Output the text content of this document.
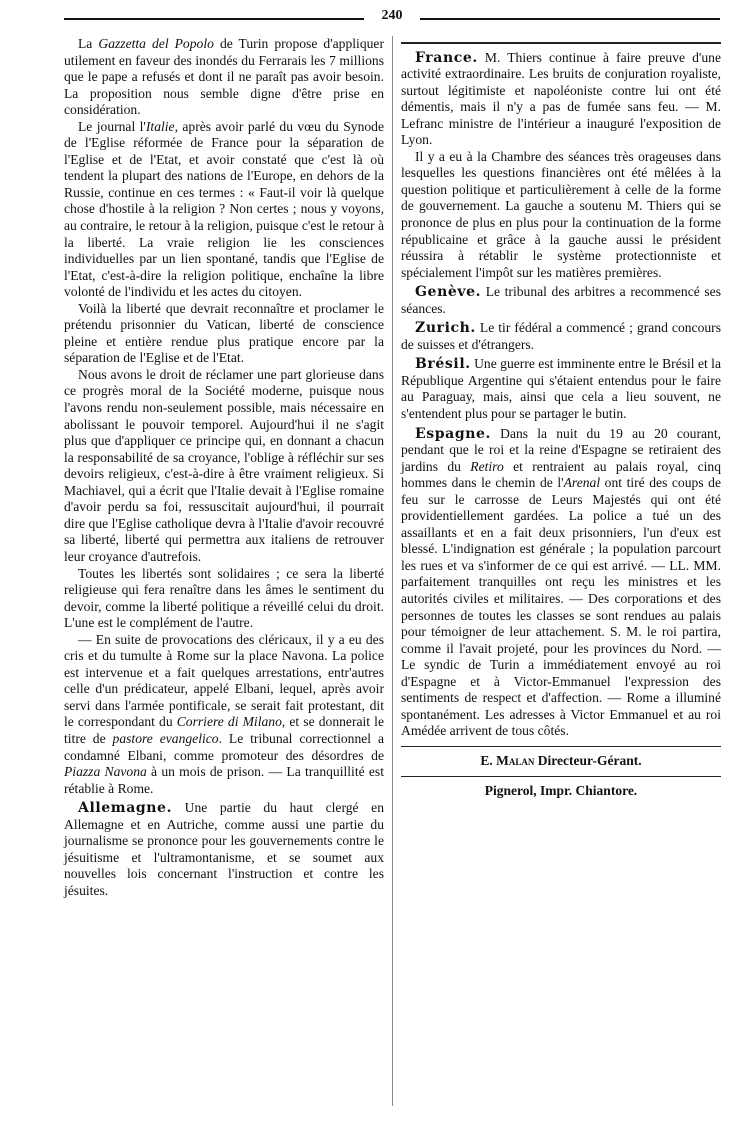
240

La Gazzetta del Popolo de Turin propose d'appliquer utilement en faveur des inondés du Ferrarais les 7 millions que le pape a refusés et dont il ne paraît pas avoir besoin. La proposition nous semble digne d'être prise en considération.

Le journal l'Italie, après avoir parlé du vœu du Synode de l'Eglise réformée de France pour la séparation de l'Eglise et de l'Etat, et avoir constaté que c'est là où tendent la plupart des nations de l'Europe, en dehors de la Russie, continue en ces termes : « Faut-il voir là quelque chose d'hostile à la religion ? Non certes ; nous y voyons, au contraire, le retour à la religion, puisque c'est le retour à la liberté. La vraie religion lie les consciences individuelles par un lien spontané, tandis que l'Eglise de l'Etat, c'est-à-dire la religion politique, enchaîne la libre volonté de l'individu et les actes du citoyen.

Voilà la liberté que devrait reconnaître et proclamer le prétendu prisonnier du Vatican, liberté de conscience pleine et entière rendue plus pratique encore par la séparation de l'Eglise et de l'Etat.

Nous avons le droit de réclamer une part glorieuse dans ce progrès moral de la Société moderne, puisque nous l'avons rendu non-seulement possible, mais nécessaire en abolissant le pouvoir temporel. Aujourd'hui il ne s'agit plus que d'appliquer ce principe qui, en donnant a chacun la responsabilité de sa croyance, l'oblige à réfléchir sur ses devoirs religieux, c'est-à-dire à être vraiment religieux. Si Machiavel, qui a écrit que l'Italie devait à l'Eglise romaine d'avoir perdu sa foi, ressuscitait aujourd'hui, il pourrait dire que l'Eglise catholique devra à l'Italie d'avoir recouvré sa liberté, liberté qui permettra aux italiens de retrouver leur croyance d'autrefois.

Toutes les libertés sont solidaires ; ce sera la liberté religieuse qui fera renaître dans les âmes le sentiment du devoir, comme la liberté politique a réveillé celui du droit. L'une est le complément de l'autre.

— En suite de provocations des cléricaux, il y a eu des cris et du tumulte à Rome sur la place Navona. La police est intervenue et a fait quelques arrestations, entr'autres celle d'un prédicateur, appelé Elbani, lequel, après avoir servi dans l'armée pontificale, se serait fait protestant, dit le correspondant du Corriere di Milano, et se donnerait le titre de pastore evangelico. Le tribunal correctionnel a condamné Elbani, comme promoteur des désordres de Piazza Navona à un mois de prison. — La tranquillité est rétablie à Rome.

Allemagne. Une partie du haut clergé en Allemagne et en Autriche, comme aussi une partie du journalisme se prononce pour les gouvernements contre le jésuitisme et l'ultramontanisme, et se soumet aux nouvelles lois concernant l'instruction et contre les jésuites.

France. M. Thiers continue à faire preuve d'une activité extraordinaire. Les bruits de conjuration royaliste, surtout légitimiste et napoléoniste contre lui ont été démentis, mais il n'y a pas de fumée sans feu. — M. Lefranc ministre de l'intérieur a inauguré l'exposition de Lyon.

Il y a eu à la Chambre des séances très orageuses dans lesquelles les questions financières ont été mêlées à la question politique et particulièrement à celle de la forme de gouvernement. La gauche a soutenu M. Thiers qui se prononce de plus en plus pour la continuation de la forme républicaine et grâce à la gauche aussi le président réussira à rétablir le système protectionniste et spécialement l'impôt sur les matières premières.

Genève. Le tribunal des arbitres a recommencé ses séances.

Zurich. Le tir fédéral a commencé ; grand concours de suisses et d'étrangers.

Brésil. Une guerre est imminente entre le Brésil et la République Argentine qui s'étaient entendus pour le faire au Paraguay, mais, ainsi que cela a lieu souvent, ne s'entendent plus pour se partager le butin.

Espagne. Dans la nuit du 19 au 20 courant, pendant que le roi et la reine d'Espagne se retiraient des jardins du Retiro et rentraient au palais royal, cinq hommes dans le chemin de l'Arenal ont tiré des coups de feu sur le carrosse de Leurs Majestés qui ont été providentiellement gardées. La police a tué un des assaillants et en a fait deux prisonniers, l'un d'eux est blessé. L'indignation est générale ; la population parcourt les rues et va s'informer de ce qui est arrivé. — LL. MM. parfaitement tranquilles ont reçu les ministres et les autorités civiles et militaires. — Des corporations et des personnes de toutes les classes se sont rendues au palais pour témoigner de leur attachement. S. M. le roi partira, comme il l'avait projeté, pour les provinces du Nord. — Le syndic de Turin a immédiatement envoyé au roi d'Espagne et à Victor-Emmanuel l'expression des sentiments de respect et d'affection. — Rome a illuminé spontanément. Les adresses à Victor Emmanuel et au roi Amédée arrivent de tous côtés.

E. Malan Directeur-Gérant.

Pignerol, Impr. Chiantore.
